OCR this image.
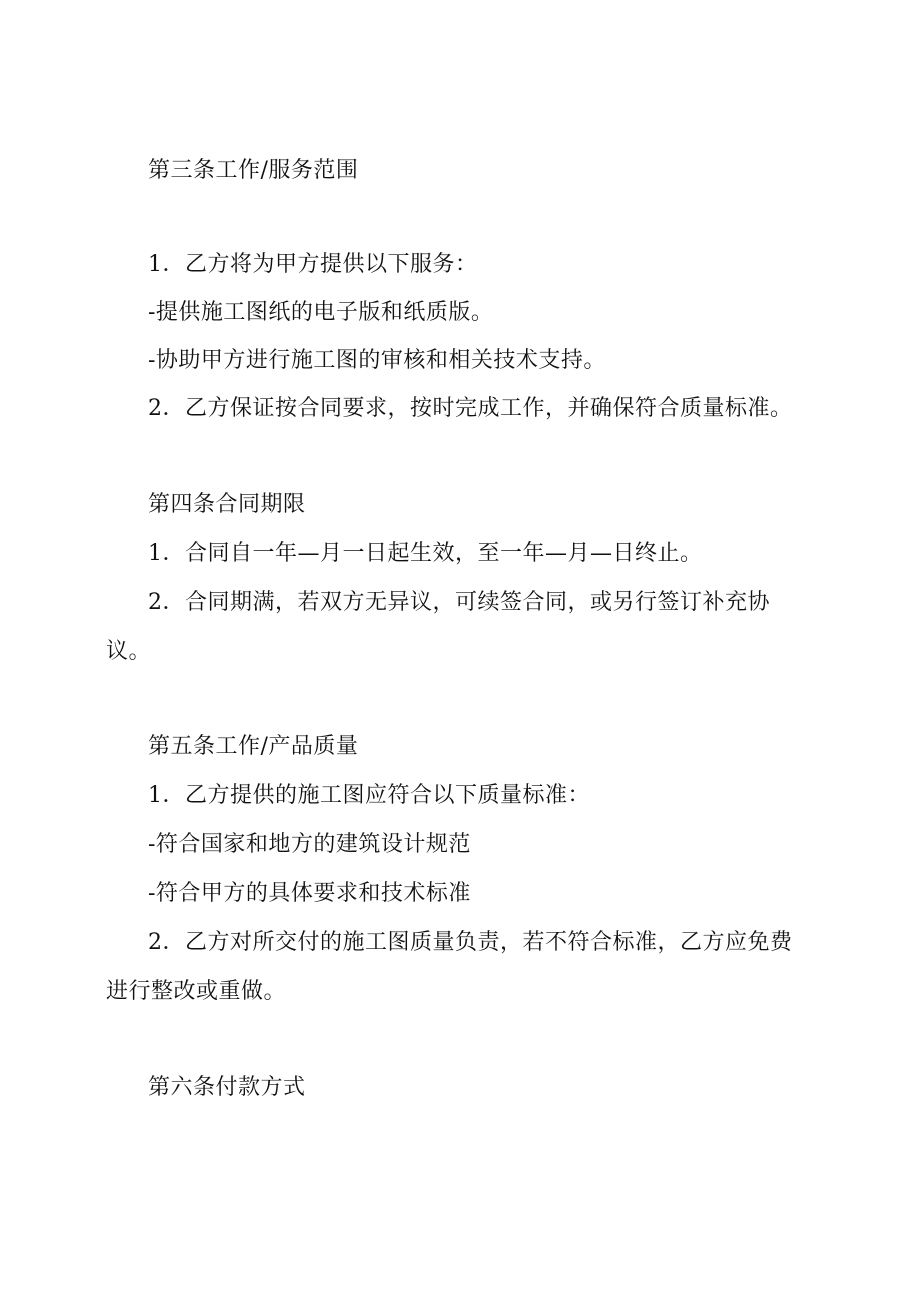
第三条工作/服务范围
1．乙方将为甲方提供以下服务：
-提供施工图纸的电子版和纸质版。
-协助甲方进行施工图的审核和相关技术支持。
2．乙方保证按合同要求，按时完成工作，并确保符合质量标准。
第四条合同期限
1．合同自一年—月一日起生效，至一年—月—日终止。
2．合同期满，若双方无异议，可续签合同，或另行签订补充协
议。
第五条工作/产品质量
1．乙方提供的施工图应符合以下质量标准：
-符合国家和地方的建筑设计规范
-符合甲方的具体要求和技术标准
2．乙方对所交付的施工图质量负责，若不符合标准，乙方应免费
进行整改或重做。
第六条付款方式
